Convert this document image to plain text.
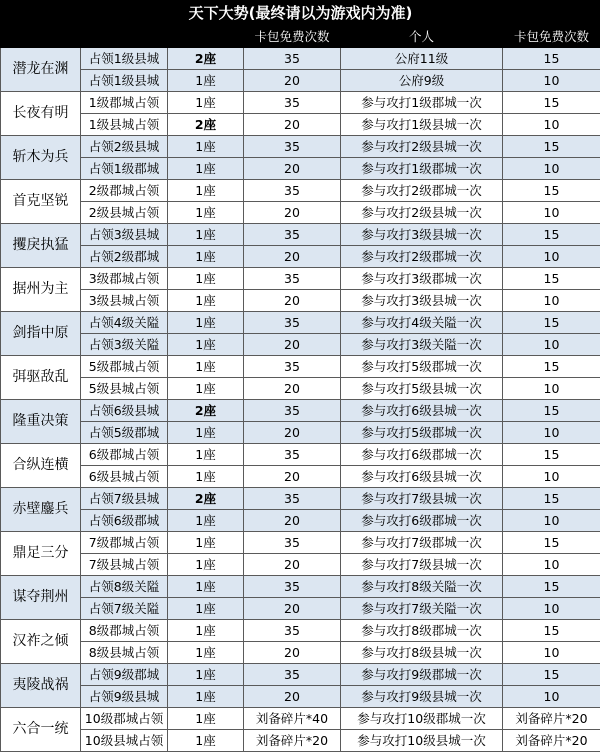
天下大势(最终请以为游戏内为准)					
			卡包免费次数	个人	卡包免费次数
潜龙在渊	占领1级县城	2座	35	公府11级	15
	占领1级县城	1座	20	公府9级	10
长夜有明	1级郡城占领	1座	35	参与攻打1级郡城一次	15
	1级县城占领	2座	20	参与攻打1级县城一次	10
斩木为兵	占领2级县城	1座	35	参与攻打2级县城一次	15
	占领1级郡城	1座	20	参与攻打1级郡城一次	10
首克坚锐	2级郡城占领	1座	35	参与攻打2级郡城一次	15
	2级县城占领	1座	20	参与攻打2级县城一次	10
攫戾执猛	占领3级县城	1座	35	参与攻打3级县城一次	15
	占领2级郡城	1座	20	参与攻打2级郡城一次	10
据州为主	3级郡城占领	1座	35	参与攻打3级郡城一次	15
	3级县城占领	1座	20	参与攻打3级县城一次	10
剑指中原	占领4级关隘	1座	35	参与攻打4级关隘一次	15
	占领3级关隘	1座	20	参与攻打3级关隘一次	10
弭驱敌乱	5级郡城占领	1座	35	参与攻打5级郡城一次	15
	5级县城占领	1座	20	参与攻打5级县城一次	10
隆重决策	占领6级县城	2座	35	参与攻打6级县城一次	15
	占领5级郡城	1座	20	参与攻打5级郡城一次	10
合纵连横	6级郡城占领	1座	35	参与攻打6级郡城一次	15
	6级县城占领	1座	20	参与攻打6级县城一次	10
赤壁鏖兵	占领7级县城	2座	35	参与攻打7级县城一次	15
	占领6级郡城	1座	20	参与攻打6级郡城一次	10
鼎足三分	7级郡城占领	1座	35	参与攻打7级郡城一次	15
	7级县城占领	1座	20	参与攻打7级县城一次	10
谋夺荆州	占领8级关隘	1座	35	参与攻打8级关隘一次	15
	占领7级关隘	1座	20	参与攻打7级关隘一次	10
汉祚之倾	8级郡城占领	1座	35	参与攻打8级郡城一次	15
	8级县城占领	1座	20	参与攻打8级县城一次	10
夷陵战祸	占领9级郡城	1座	35	参与攻打9级郡城一次	15
	占领9级县城	1座	20	参与攻打9级县城一次	10
六合一统	10级郡城占领	1座	刘备碎片*40	参与攻打10级郡城一次	刘备碎片*20
	10级县城占领	1座	刘备碎片*20	参与攻打10级县城一次	刘备碎片*20
